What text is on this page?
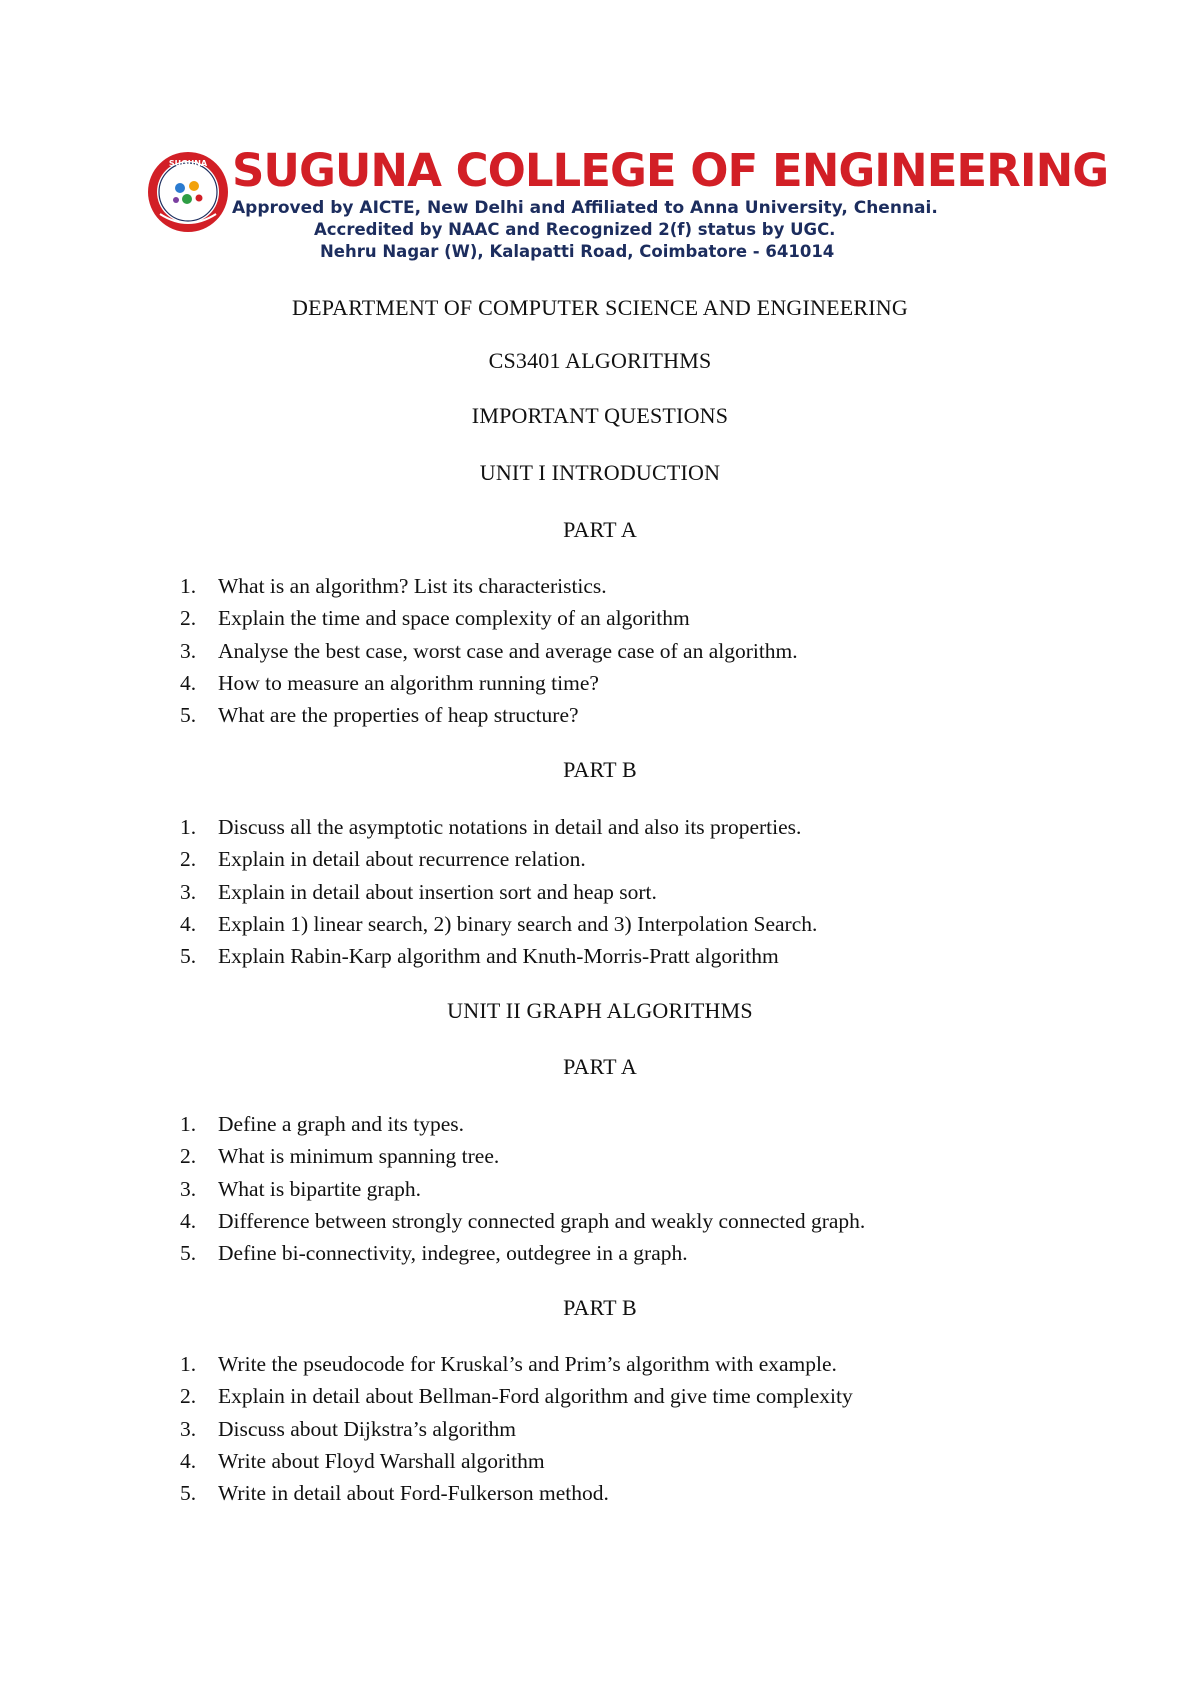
SUGUNA SUGUNA COLLEGE OF ENGINEERING
Approved by AICTE, New Delhi and Affiliated to Anna University, Chennai.
Accredited by NAAC and Recognized 2(f) status by UGC.
Nehru Nagar (W), Kalapatti Road, Coimbatore - 641014
DEPARTMENT OF COMPUTER SCIENCE AND ENGINEERING
CS3401 ALGORITHMS
IMPORTANT QUESTIONS
UNIT I INTRODUCTION
PART A
1. What is an algorithm? List its characteristics.
2. Explain the time and space complexity of an algorithm
3. Analyse the best case, worst case and average case of an algorithm.
4. How to measure an algorithm running time?
5. What are the properties of heap structure?
PART B
1. Discuss all the asymptotic notations in detail and also its properties.
2. Explain in detail about recurrence relation.
3. Explain in detail about insertion sort and heap sort.
4. Explain 1) linear search, 2) binary search and 3) Interpolation Search.
5. Explain Rabin-Karp algorithm and Knuth-Morris-Pratt algorithm
UNIT II GRAPH ALGORITHMS
PART A
1. Define a graph and its types.
2. What is minimum spanning tree.
3. What is bipartite graph.
4. Difference between strongly connected graph and weakly connected graph.
5. Define bi-connectivity, indegree, outdegree in a graph.
PART B
1. Write the pseudocode for Kruskal’s and Prim’s algorithm with example.
2. Explain in detail about Bellman-Ford algorithm and give time complexity
3. Discuss about Dijkstra’s algorithm
4. Write about Floyd Warshall algorithm
5. Write in detail about Ford-Fulkerson method.
